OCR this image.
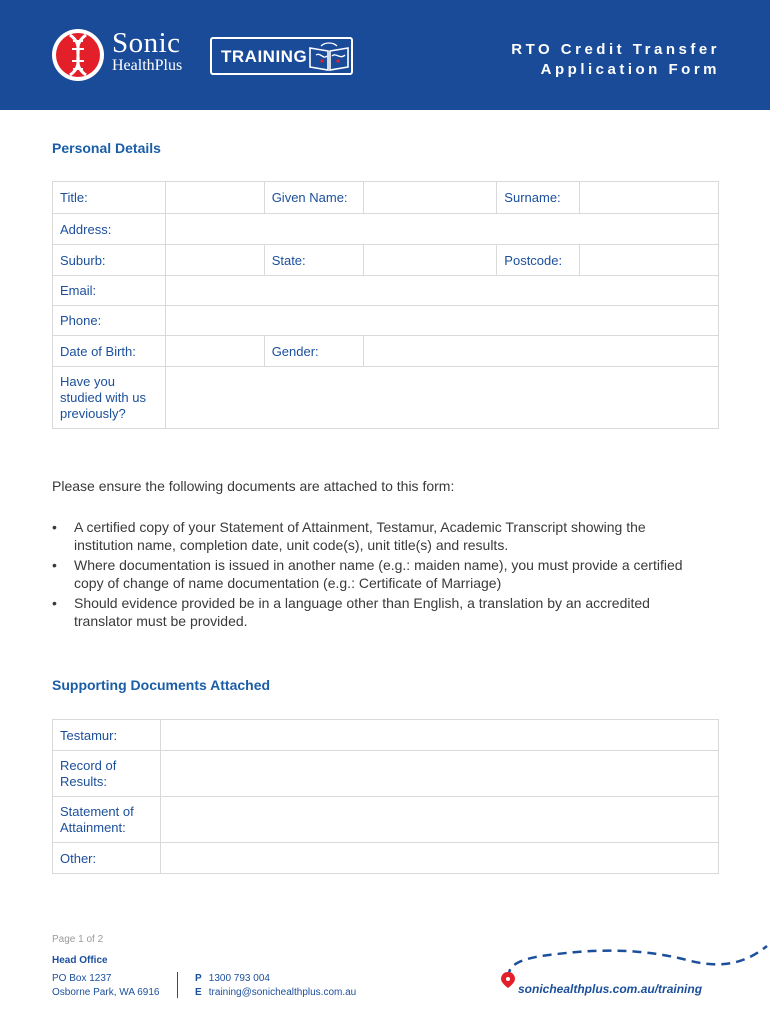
Sonic
HealthPlus TRAINING	RTO Credit Transfer
Application Form
Personal Details
Title:		Given Name:		Surname:	
Address:					
Suburb:		State:		Postcode:	
Email:					
Phone:					
Date of Birth:		Gender:			
Have you studied with us previously?					
Please ensure the following documents are attached to this form:
• A certified copy of your Statement of Attainment, Testamur, Academic Transcript showing the institution name, completion date, unit code(s), unit title(s) and results.
• Where documentation is issued in another name (e.g.: maiden name), you must provide a certified copy of change of name documentation (e.g.: Certificate of Marriage)
• Should evidence provided be in a language other than English, a translation by an accredited translator must be provided.
Supporting Documents Attached
Testamur:	
Record of Results:	
Statement of Attainment:	
Other:	
Page 1 of 2
Head Office
PO Box 1237
Osborne Park, WA 6916
P 1300 793 004
E training@sonichealthplus.com.au	sonichealthplus.com.au/training
